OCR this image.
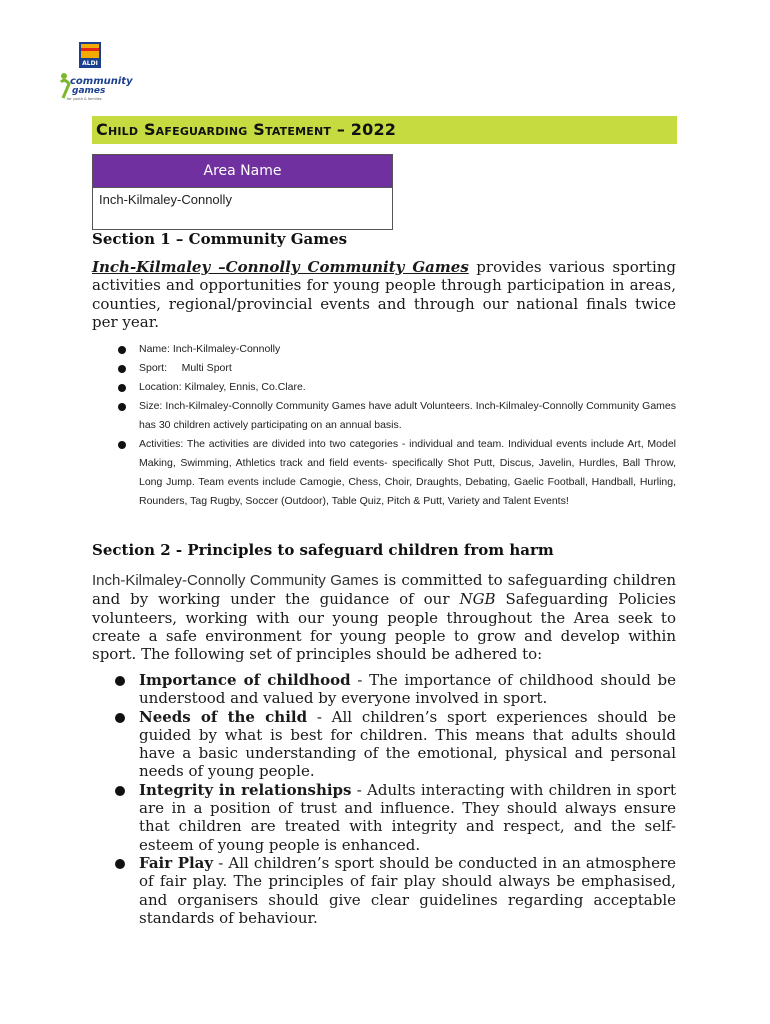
ALDI
community
games
for youth & families
Child Safeguarding Statement – 2022
Area Name
Inch-Kilmaley-Connolly
Section 1 – Community Games
Inch-Kilmaley –Connolly Community Games provides various sporting activities and opportunities for young people through participation in areas, counties, regional/provincial events and through our national finals twice per year.
Name: Inch-Kilmaley-Connolly
Sport:     Multi Sport
Location: Kilmaley, Ennis, Co.Clare.
Size: Inch-Kilmaley-Connolly Community Games have adult Volunteers. Inch-Kilmaley-Connolly Community Games has 30 children actively participating on an annual basis.
Activities: The activities are divided into two categories - individual and team. Individual events include Art, Model Making, Swimming, Athletics track and field events- specifically Shot Putt, Discus, Javelin, Hurdles, Ball Throw, Long Jump. Team events include Camogie, Chess, Choir, Draughts, Debating, Gaelic Football, Handball, Hurling, Rounders, Tag Rugby, Soccer (Outdoor), Table Quiz, Pitch & Putt, Variety and Talent Events!
Section 2 - Principles to safeguard children from harm
Inch-Kilmaley-Connolly Community Games is committed to safeguarding children and by working under the guidance of our NGB Safeguarding Policies volunteers, working with our young people throughout the Area seek to create a safe environment for young people to grow and develop within sport. The following set of principles should be adhered to:
Importance of childhood - The importance of childhood should be understood and valued by everyone involved in sport.
Needs of the child - All children’s sport experiences should be guided by what is best for children. This means that adults should have a basic understanding of the emotional, physical and personal needs of young people.
Integrity in relationships - Adults interacting with children in sport are in a position of trust and influence. They should always ensure that children are treated with integrity and respect, and the self-esteem of young people is enhanced.
Fair Play - All children’s sport should be conducted in an atmosphere of fair play. The principles of fair play should always be emphasised, and organisers should give clear guidelines regarding acceptable standards of behaviour.
